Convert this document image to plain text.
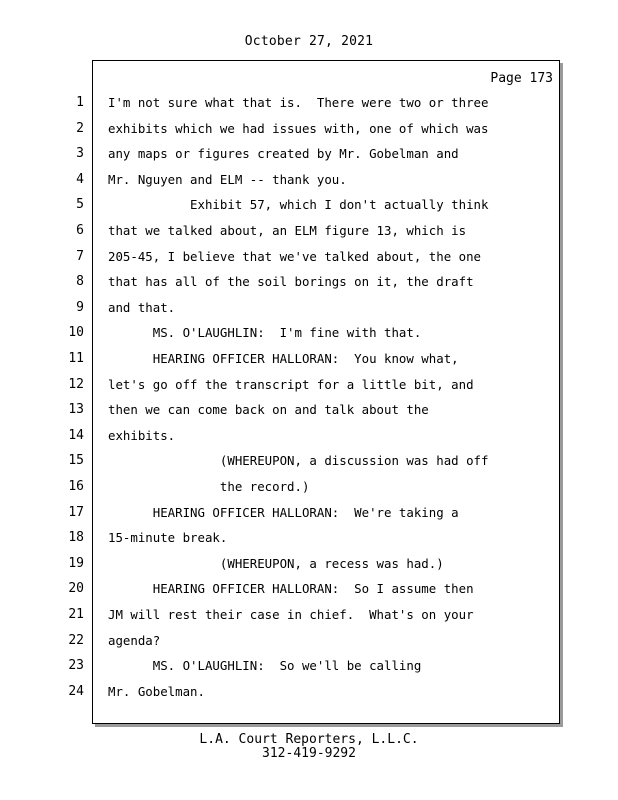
October 27, 2021
Page 173
1
2
3
4
5
6
7
8
9
10
11
12
13
14
15
16
17
18
19
20
21
22
23
24
I'm not sure what that is.  There were two or three
exhibits which we had issues with, one of which was
any maps or figures created by Mr. Gobelman and
Mr. Nguyen and ELM -- thank you.
Exhibit 57, which I don't actually think
that we talked about, an ELM figure 13, which is
205-45, I believe that we've talked about, the one
that has all of the soil borings on it, the draft
and that.
MS. O'LAUGHLIN:  I'm fine with that.
HEARING OFFICER HALLORAN:  You know what,
let's go off the transcript for a little bit, and
then we can come back on and talk about the
exhibits.
(WHEREUPON, a discussion was had off
the record.)
HEARING OFFICER HALLORAN:  We're taking a
15-minute break.
(WHEREUPON, a recess was had.)
HEARING OFFICER HALLORAN:  So I assume then
JM will rest their case in chief.  What's on your
agenda?
MS. O'LAUGHLIN:  So we'll be calling
Mr. Gobelman.
L.A. Court Reporters, L.L.C.
312-419-9292
